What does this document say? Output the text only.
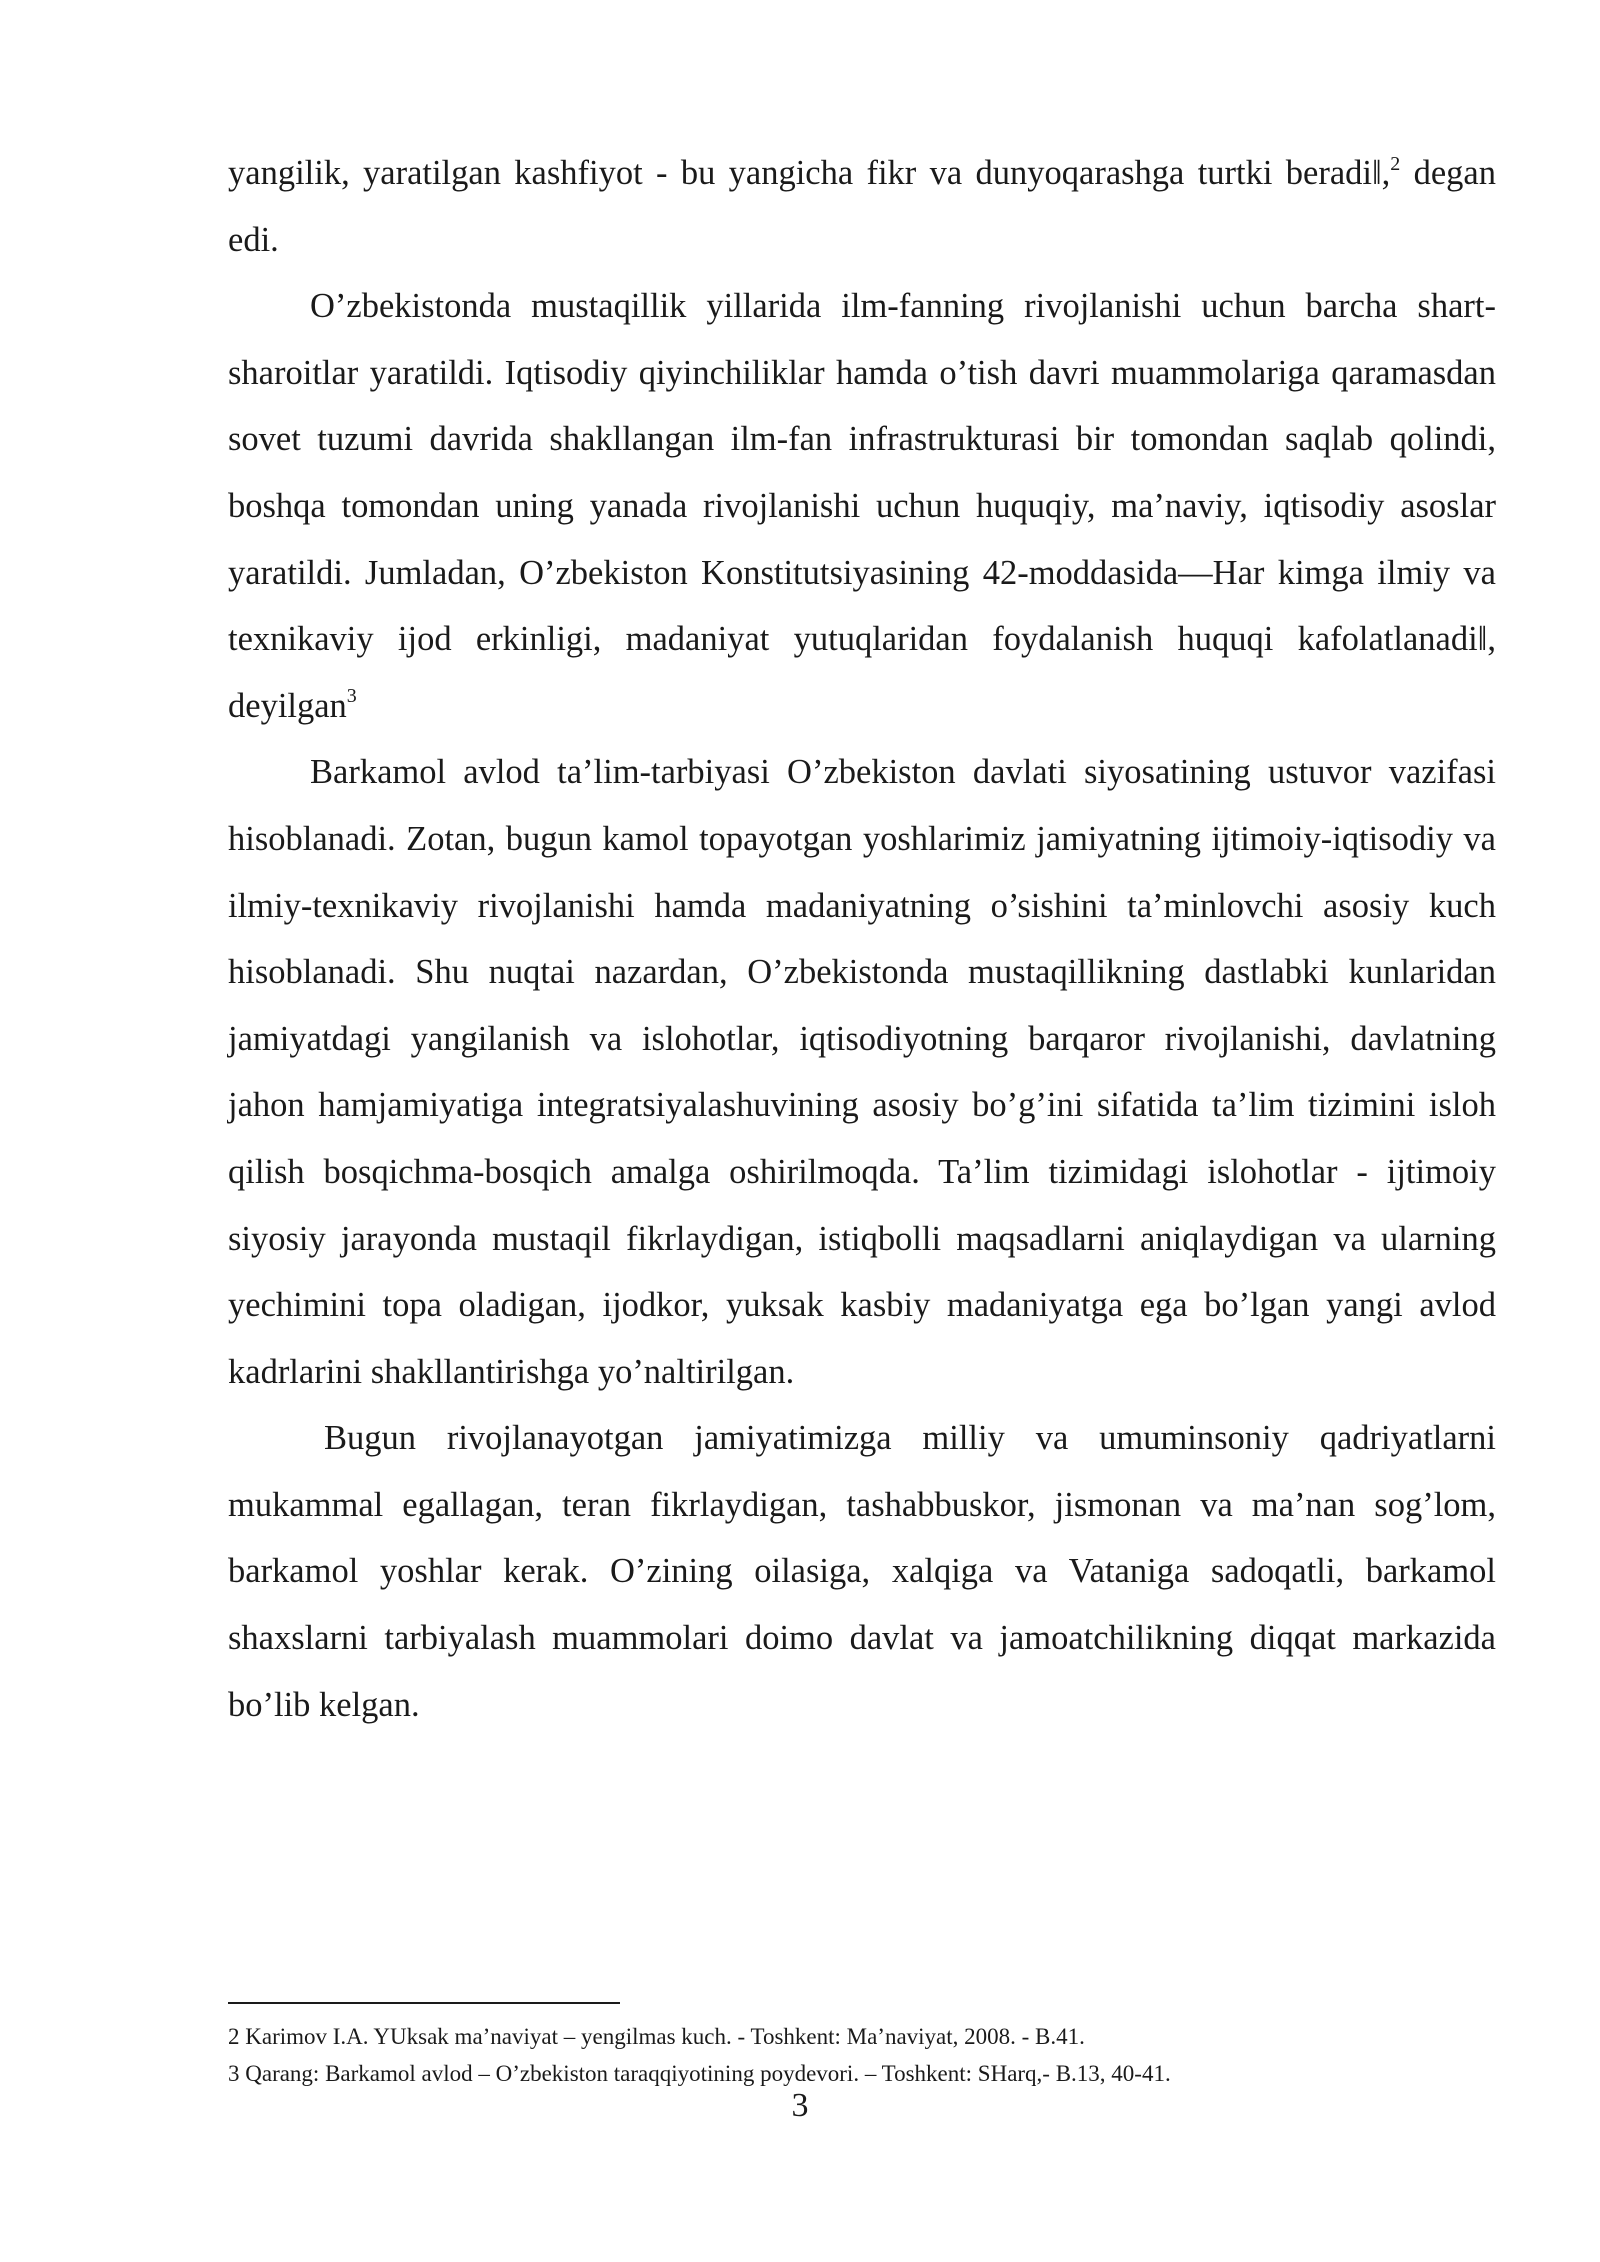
yangilik, yaratilgan kashfiyot - bu yangicha fikr va dunyoqarashga turtki beradi‖,$^2$ degan edi.

O’zbekistonda mustaqillik yillarida ilm-fanning rivojlanishi uchun barcha shart-sharoitlar yaratildi. Iqtisodiy qiyinchiliklar hamda o’tish davri muammolariga qaramasdan sovet tuzumi davrida shakllangan ilm-fan infrastrukturasi bir tomondan saqlab qolindi, boshqa tomondan uning yanada rivojlanishi uchun huquqiy, ma’naviy, iqtisodiy asoslar yaratildi. Jumladan, O’zbekiston Konstitutsiyasining 42-moddasida―Har kimga ilmiy va texnikaviy ijod erkinligi, madaniyat yutuqlaridan foydalanish huquqi kafolatlanadi‖, deyilgan$^3$

Barkamol avlod ta’lim-tarbiyasi O’zbekiston davlati siyosatining ustuvor vazifasi hisoblanadi. Zotan, bugun kamol topayotgan yoshlarimiz jamiyatning ijtimoiy-iqtisodiy va ilmiy-texnikaviy rivojlanishi hamda madaniyatning o’sishini ta’minlovchi asosiy kuch hisoblanadi. Shu nuqtai nazardan, O’zbekistonda mustaqillikning dastlabki kunlaridan jamiyatdagi yangilanish va islohotlar, iqtisodiyotning barqaror rivojlanishi, davlatning jahon hamjamiyatiga integratsiyalashuvining asosiy bo’g’ini sifatida ta’lim tizimini isloh qilish bosqichma-bosqich amalga oshirilmoqda. Ta’lim tizimidagi islohotlar - ijtimoiy siyosiy jarayonda mustaqil fikrlaydigan, istiqbolli maqsadlarni aniqlaydigan va ularning yechimini topa oladigan, ijodkor, yuksak kasbiy madaniyatga ega bo’lgan yangi avlod kadrlarini shakllantirishga yo’naltirilgan.

Bugun rivojlanayotgan jamiyatimizga milliy va umuminsoniy qadriyatlarni mukammal egallagan, teran fikrlaydigan, tashabbuskor, jismonan va ma’nan sog’lom, barkamol yoshlar kerak. O’zining oilasiga, xalqiga va Vataniga sadoqatli, barkamol shaxslarni tarbiyalash muammolari doimo davlat va jamoatchilikning diqqat markazida bo’lib kelgan.

2 Karimov I.A. YUksak ma’naviyat – yengilmas kuch. - Toshkent: Ma’naviyat, 2008. - B.41.

3 Qarang: Barkamol avlod – O’zbekiston taraqqiyotining poydevori. – Toshkent: SHarq,- B.13, 40-41.

3
